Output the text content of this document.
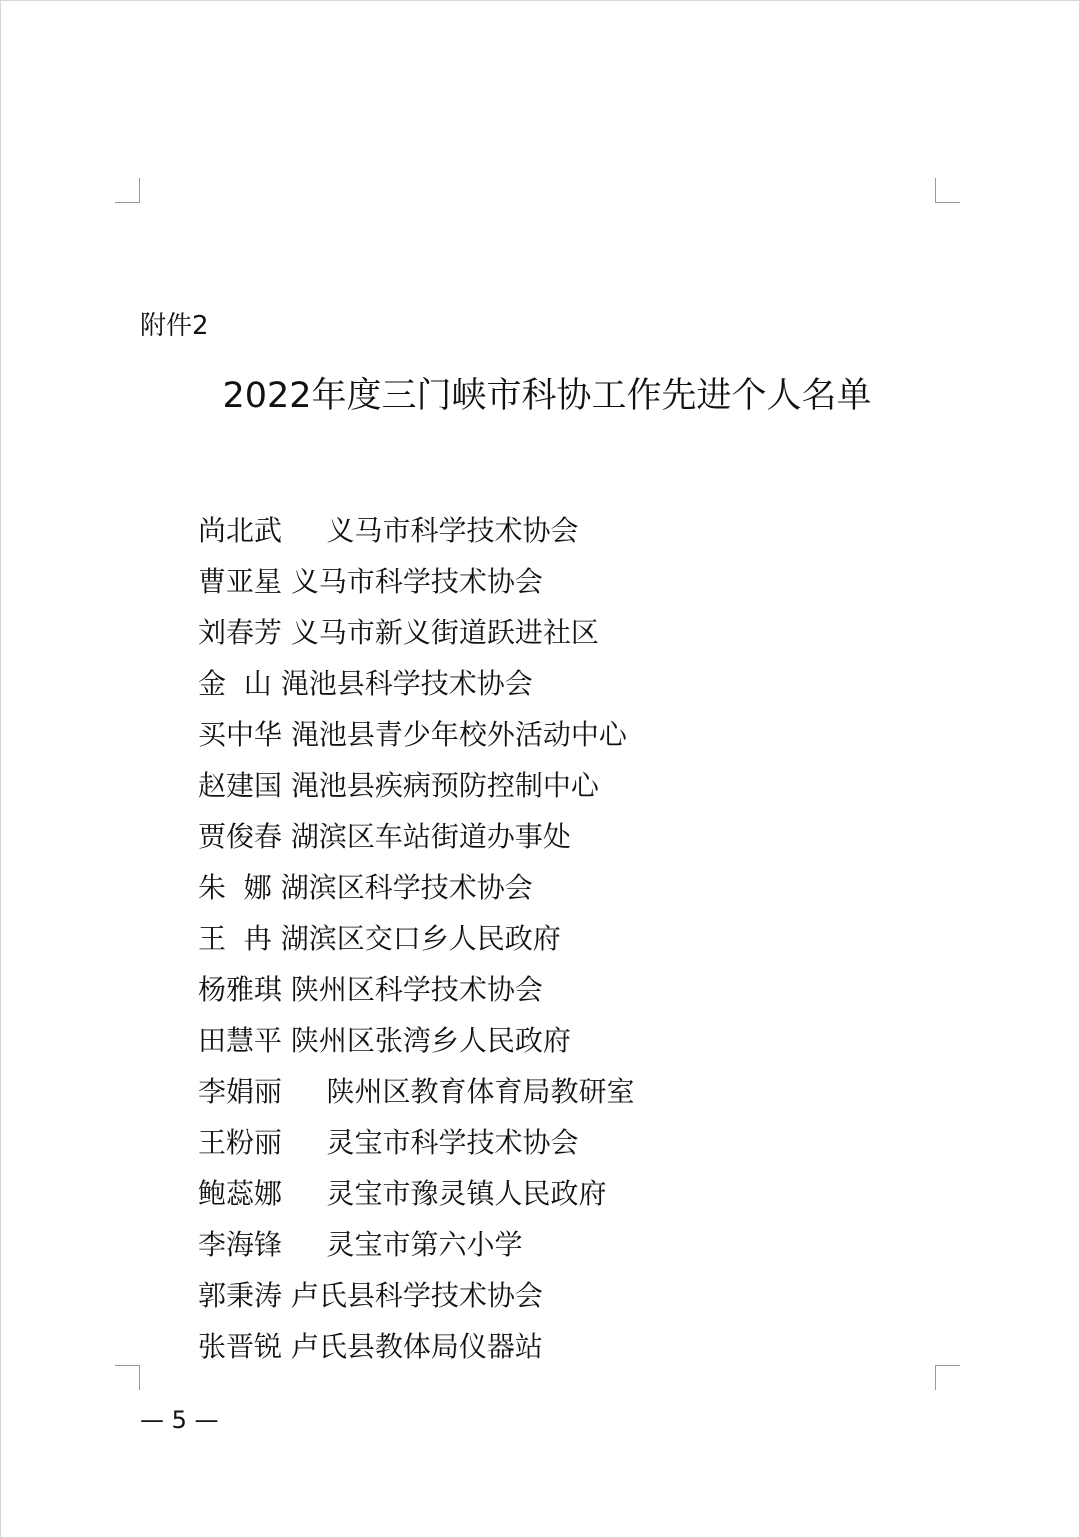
附件2
2022年度三门峡市科协工作先进个人名单
尚北武 义马市科学技术协会
曹亚星 义马市科学技术协会
刘春芳 义马市新义街道跃进社区
金  山 渑池县科学技术协会
买中华 渑池县青少年校外活动中心
赵建国 渑池县疾病预防控制中心
贾俊春 湖滨区车站街道办事处
朱  娜 湖滨区科学技术协会
王  冉 湖滨区交口乡人民政府
杨雅琪 陕州区科学技术协会
田慧平 陕州区张湾乡人民政府
李娟丽 陕州区教育体育局教研室
王粉丽 灵宝市科学技术协会
鲍蕊娜 灵宝市豫灵镇人民政府
李海锋 灵宝市第六小学
郭秉涛 卢氏县科学技术协会
张晋锐 卢氏县教体局仪器站
— 5 —
